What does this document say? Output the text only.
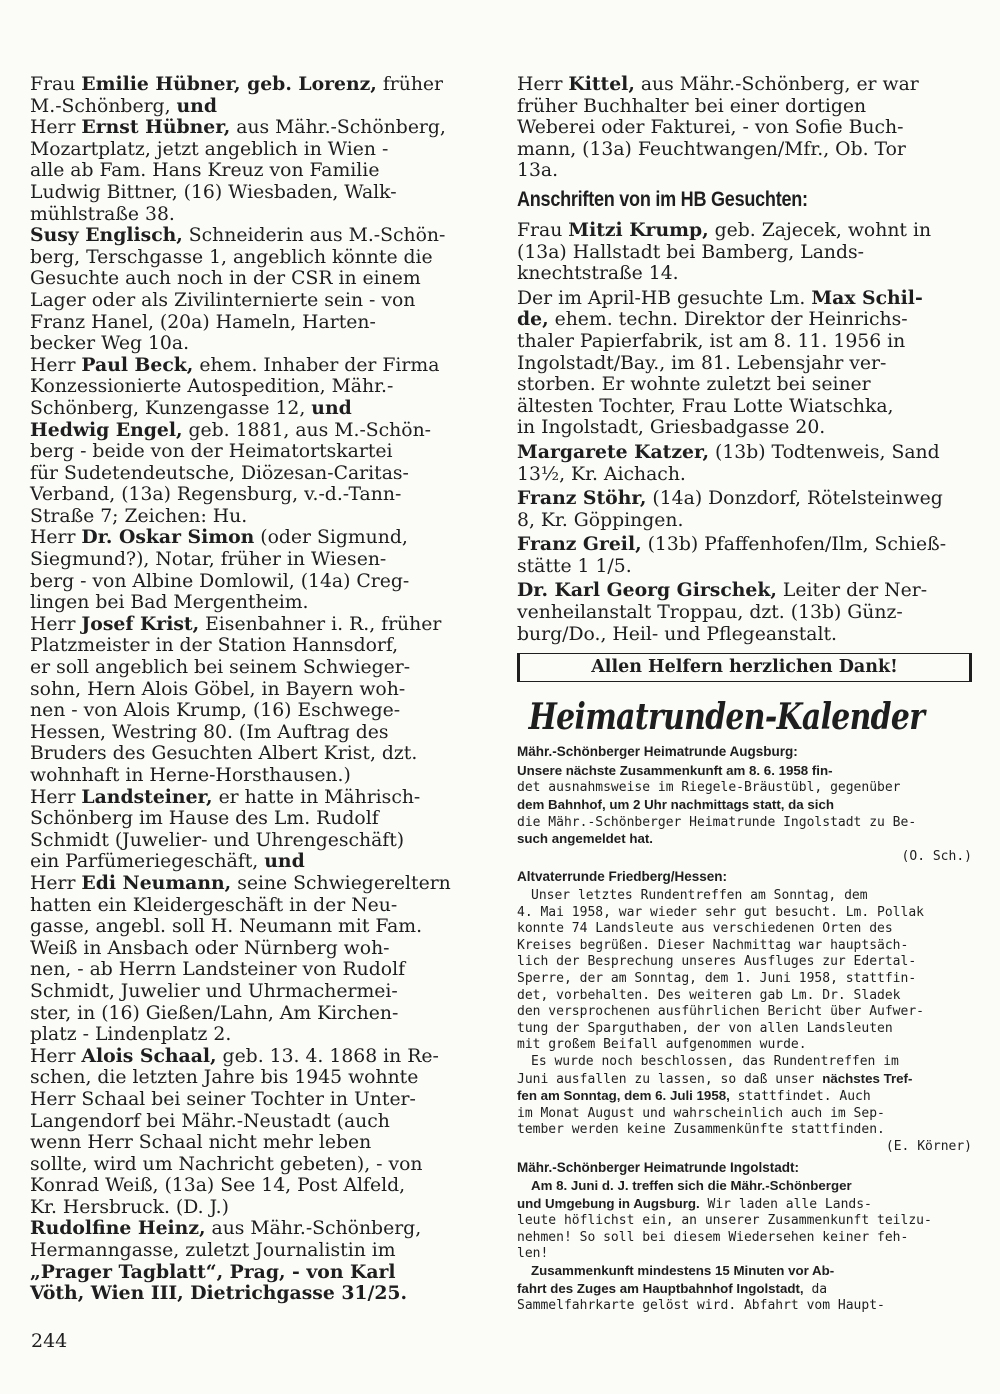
Frau Emilie Hübner, geb. Lorenz, früher
M.-Schönberg, und
Herr Ernst Hübner, aus Mähr.-Schönberg,
Mozartplatz, jetzt angeblich in Wien -
alle ab Fam. Hans Kreuz von Familie
Ludwig Bittner, (16) Wiesbaden, Walk-
mühlstraße 38.
Susy Englisch, Schneiderin aus M.-Schön-
berg, Terschgasse 1, angeblich könnte die
Gesuchte auch noch in der CSR in einem
Lager oder als Zivilinternierte sein - von
Franz Hanel, (20a) Hameln, Harten-
becker Weg 10a.
Herr Paul Beck, ehem. Inhaber der Firma
Konzessionierte Autospedition, Mähr.-
Schönberg, Kunzengasse 12, und
Hedwig Engel, geb. 1881, aus M.-Schön-
berg - beide von der Heimatortskartei
für Sudetendeutsche, Diözesan-Caritas-
Verband, (13a) Regensburg, v.-d.-Tann-
Straße 7; Zeichen: Hu.
Herr Dr. Oskar Simon (oder Sigmund,
Siegmund?), Notar, früher in Wiesen-
berg - von Albine Domlowil, (14a) Creg-
lingen bei Bad Mergentheim.
Herr Josef Krist, Eisenbahner i. R., früher
Platzmeister in der Station Hannsdorf,
er soll angeblich bei seinem Schwieger-
sohn, Hern Alois Göbel, in Bayern woh-
nen - von Alois Krump, (16) Eschwege-
Hessen, Westring 80. (Im Auftrag des
Bruders des Gesuchten Albert Krist, dzt.
wohnhaft in Herne-Horsthausen.)
Herr Landsteiner, er hatte in Mährisch-
Schönberg im Hause des Lm. Rudolf
Schmidt (Juwelier- und Uhrengeschäft)
ein Parfümeriegeschäft, und
Herr Edi Neumann, seine Schwiegereltern
hatten ein Kleidergeschäft in der Neu-
gasse, angebl. soll H. Neumann mit Fam.
Weiß in Ansbach oder Nürnberg woh-
nen, - ab Herrn Landsteiner von Rudolf
Schmidt, Juwelier und Uhrmachermei-
ster, in (16) Gießen/Lahn, Am Kirchen-
platz - Lindenplatz 2.
Herr Alois Schaal, geb. 13. 4. 1868 in Re-
schen, die letzten Jahre bis 1945 wohnte
Herr Schaal bei seiner Tochter in Unter-
Langendorf bei Mähr.-Neustadt (auch
wenn Herr Schaal nicht mehr leben
sollte, wird um Nachricht gebeten), - von
Konrad Weiß, (13a) See 14, Post Alfeld,
Kr. Hersbruck. (D. J.)
Rudolfine Heinz, aus Mähr.-Schönberg,
Hermanngasse, zuletzt Journalistin im
„Prager Tagblatt“, Prag, - von Karl
Vöth, Wien III, Dietrichgasse 31/25.
Herr Kittel, aus Mähr.-Schönberg, er war
früher Buchhalter bei einer dortigen
Weberei oder Fakturei, - von Sofie Buch-
mann, (13a) Feuchtwangen/Mfr., Ob. Tor
13a.
Anschriften von im HB Gesuchten:
Frau Mitzi Krump, geb. Zajecek, wohnt in
(13a) Hallstadt bei Bamberg, Lands-
knechtstraße 14.
Der im April-HB gesuchte Lm. Max Schil-
de, ehem. techn. Direktor der Heinrichs-
thaler Papierfabrik, ist am 8. 11. 1956 in
Ingolstadt/Bay., im 81. Lebensjahr ver-
storben. Er wohnte zuletzt bei seiner
ältesten Tochter, Frau Lotte Wiatschka,
in Ingolstadt, Griesbadgasse 20.
Margarete Katzer, (13b) Todtenweis, Sand
13½, Kr. Aichach.
Franz Stöhr, (14a) Donzdorf, Rötelsteinweg
8, Kr. Göppingen.
Franz Greil, (13b) Pfaffenhofen/Ilm, Schieß-
stätte 1 1/5.
Dr. Karl Georg Girschek, Leiter der Ner-
venheilanstalt Troppau, dzt. (13b) Günz-
burg/Do., Heil- und Pflegeanstalt.
Allen Helfern herzlichen Dank!
Heimatrunden-Kalender
Mähr.-Schönberger Heimatrunde Augsburg:
Unsere nächste Zusammenkunft am 8. 6. 1958 fin-
det ausnahmsweise im Riegele-Bräustübl, gegenüber
dem Bahnhof, um 2 Uhr nachmittags statt, da sich
die Mähr.-Schönberger Heimatrunde Ingolstadt zu Be-
such angemeldet hat.
(O. Sch.)
Altvaterrunde Friedberg/Hessen:
Unser letztes Rundentreffen am Sonntag, dem
4. Mai 1958, war wieder sehr gut besucht. Lm. Pollak
konnte 74 Landsleute aus verschiedenen Orten des
Kreises begrüßen. Dieser Nachmittag war hauptsäch-
lich der Besprechung unseres Ausfluges zur Edertal-
Sperre, der am Sonntag, dem 1. Juni 1958, stattfin-
det, vorbehalten. Des weiteren gab Lm. Dr. Sladek
den versprochenen ausführlichen Bericht über Aufwer-
tung der Sparguthaben, der von allen Landsleuten
mit großem Beifall aufgenommen wurde.
Es wurde noch beschlossen, das Rundentreffen im
Juni ausfallen zu lassen, so daß unser nächstes Tref-
fen am Sonntag, dem 6. Juli 1958, stattfindet. Auch
im Monat August und wahrscheinlich auch im Sep-
tember werden keine Zusammenkünfte stattfinden.
(E. Körner)
Mähr.-Schönberger Heimatrunde Ingolstadt:
Am 8. Juni d. J. treffen sich die Mähr.-Schönberger
und Umgebung in Augsburg. Wir laden alle Lands-
leute höflichst ein, an unserer Zusammenkunft teilzu-
nehmen! So soll bei diesem Wiedersehen keiner feh-
len!
Zusammenkunft mindestens 15 Minuten vor Ab-
fahrt des Zuges am Hauptbahnhof Ingolstadt, da
Sammelfahrkarte gelöst wird. Abfahrt vom Haupt-
244
